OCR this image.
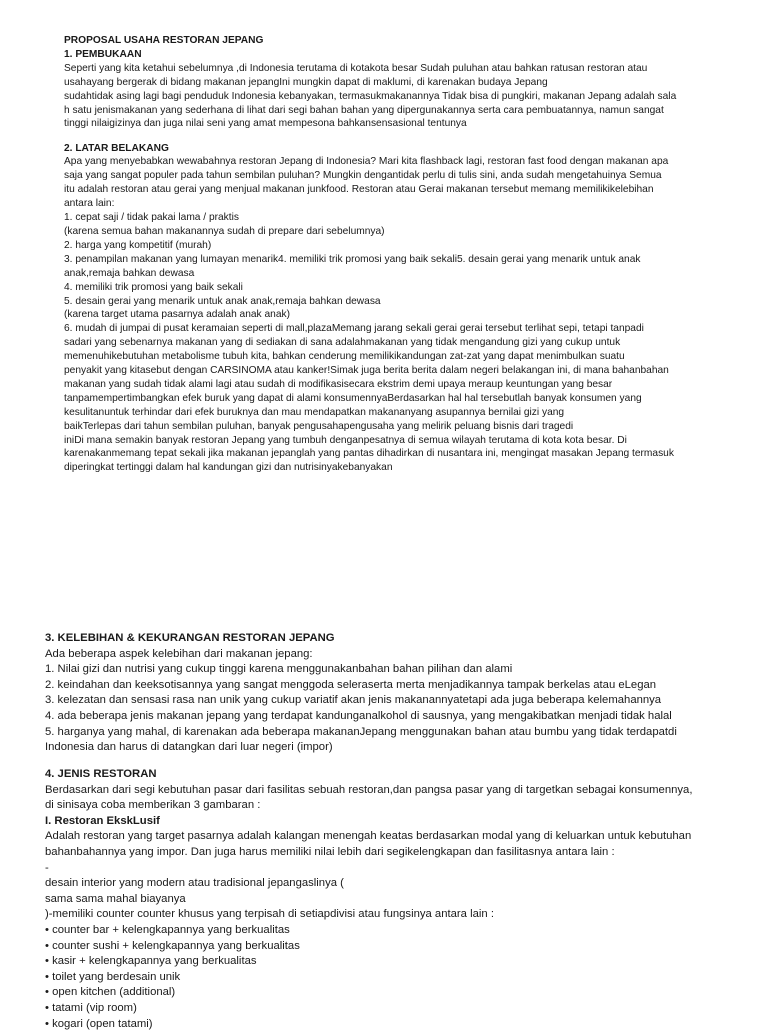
PROPOSAL USAHA RESTORAN JEPANG
1. PEMBUKAAN
Seperti yang kita ketahui sebelumnya ,di Indonesia terutama di kotakota besar Sudah puluhan atau bahkan ratusan restoran atau
usahayang bergerak di bidang makanan jepangIni mungkin dapat di maklumi, di karenakan budaya Jepang
sudahtidak asing lagi bagi penduduk Indonesia kebanyakan, termasukmakanannya Tidak bisa di pungkiri, makanan Jepang adalah sala
h satu jenismakanan yang sederhana di lihat dari segi bahan bahan yang dipergunakannya serta cara pembuatannya, namun sangat
tinggi nilaigizinya dan juga nilai seni yang amat mempesona bahkansensasional tentunya
2. LATAR BELAKANG
Apa yang menyebabkan wewabahnya restoran Jepang di Indonesia? Mari kita flashback lagi, restoran fast food dengan makanan apa
saja yang sangat populer pada tahun sembilan puluhan? Mungkin dengantidak perlu di tulis sini, anda sudah mengetahuinya Semua
itu adalah restoran atau gerai yang menjual makanan junkfood. Restoran atau Gerai makanan tersebut memang memilikikelebihan
antara lain:
1. cepat saji / tidak pakai lama / praktis
(karena semua bahan makanannya sudah di prepare dari sebelumnya)
2. harga yang kompetitif (murah)
3. penampilan makanan yang lumayan menarik4. memiliki trik promosi yang baik sekali5. desain gerai yang menarik untuk anak
anak,remaja bahkan dewasa
4. memiliki trik promosi yang baik sekali
5. desain gerai yang menarik untuk anak anak,remaja bahkan dewasa
(karena target utama pasarnya adalah anak anak)
6. mudah di jumpai di pusat keramaian seperti di mall,plazaMemang jarang sekali gerai gerai tersebut terlihat sepi, tetapi tanpadi
sadari yang sebenarnya makanan yang di sediakan di sana adalahmakanan yang tidak mengandung gizi yang cukup untuk
memenuhikebutuhan metabolisme tubuh kita, bahkan cenderung memilikikandungan zat-zat yang dapat menimbulkan suatu
penyakit yang kitasebut dengan CARSINOMA atau kanker!Simak juga berita berita dalam negeri belakangan ini, di mana bahanbahan
makanan yang sudah tidak alami lagi atau sudah di modifikasisecara ekstrim demi upaya meraup keuntungan yang besar
tanpamempertimbangkan efek buruk yang dapat di alami konsumennyaBerdasarkan hal hal tersebutlah banyak konsumen yang
kesulitanuntuk terhindar dari efek buruknya dan mau mendapatkan makananyang asupannya bernilai gizi yang
baikTerlepas dari tahun sembilan puluhan, banyak pengusahapengusaha yang melirik peluang bisnis dari tragedi
iniDi mana semakin banyak restoran Jepang yang tumbuh denganpesatnya di semua wilayah terutama di kota kota besar. Di
karenakanmemang tepat sekali jika makanan jepanglah yang pantas dihadirkan di nusantara ini, mengingat masakan Jepang termasuk
diperingkat tertinggi dalam hal kandungan gizi dan nutrisinyakebanyakan
3. KELEBIHAN & KEKURANGAN RESTORAN JEPANG
Ada beberapa aspek kelebihan dari makanan jepang:
1. Nilai gizi dan nutrisi yang cukup tinggi karena menggunakanbahan bahan pilihan dan alami
2. keindahan dan keeksotisannya yang sangat menggoda seleraserta merta menjadikannya tampak berkelas atau eLegan
3. kelezatan dan sensasi rasa nan unik yang cukup variatif akan jenis makanannyatetapi ada juga beberapa kelemahannya
4. ada beberapa jenis makanan jepang yang terdapat kandunganalkohol di sausnya, yang mengakibatkan menjadi tidak halal
5. harganya yang mahal, di karenakan ada beberapa makananJepang menggunakan bahan atau bumbu yang tidak terdapatdi
Indonesia dan harus di datangkan dari luar negeri (impor)
4. JENIS RESTORAN
Berdasarkan dari segi kebutuhan pasar dari fasilitas sebuah restoran,dan pangsa pasar yang di targetkan sebagai konsumennya,
di sinisaya coba memberikan 3 gambaran :
I. Restoran EkskLusif
Adalah restoran yang target pasarnya adalah kalangan menengah keatas berdasarkan modal yang di keluarkan untuk kebutuhan
bahanbahannya yang impor. Dan juga harus memiliki nilai lebih dari segikelengkapan dan fasilitasnya antara lain :
-
desain interior yang modern atau tradisional jepangaslinya (
sama sama mahal biayanya
)-memiliki counter counter khusus yang terpisah di setiapdivisi atau fungsinya antara lain :
• counter bar + kelengkapannya yang berkualitas
• counter sushi + kelengkapannya yang berkualitas
• kasir + kelengkapannya yang berkualitas
• toilet yang berdesain unik
• open kitchen (additional)
• tatami (vip room)
• kogari (open tatami)
